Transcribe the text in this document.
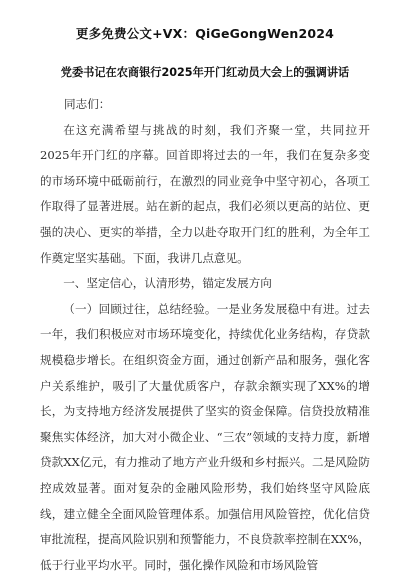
更多免费公文+VX：QiGeGongWen2024
党委书记在农商银行2025年开门红动员大会上的强调讲话

同志们：

在这充满希望与挑战的时刻，我们齐聚一堂，共同拉开2025年开门红的序幕。回首即将过去的一年，我们在复杂多变的市场环境中砥砺前行，在激烈的同业竞争中坚守初心，各项工作取得了显著进展。站在新的起点，我们必须以更高的站位、更强的决心、更实的举措，全力以赴夺取开门红的胜利，为全年工作奠定坚实基础。下面，我讲几点意见。

一、坚定信心，认清形势，锚定发展方向

（一）回顾过往，总结经验。一是业务发展稳中有进。过去一年，我们积极应对市场环境变化，持续优化业务结构，存贷款规模稳步增长。在组织资金方面，通过创新产品和服务，强化客户关系维护，吸引了大量优质客户，存款余额实现了XX%的增长，为支持地方经济发展提供了坚实的资金保障。信贷投放精准聚焦实体经济，加大对小微企业、“三农”领域的支持力度，新增贷款XX亿元，有力推动了地方产业升级和乡村振兴。二是风险防控成效显著。面对复杂的金融风险形势，我们始终坚守风险底线，建立健全全面风险管理体系。加强信用风险管控，优化信贷审批流程，提高风险识别和预警能力，不良贷款率控制在XX%，低于行业平均水平。同时，强化操作风险和市场风险管
